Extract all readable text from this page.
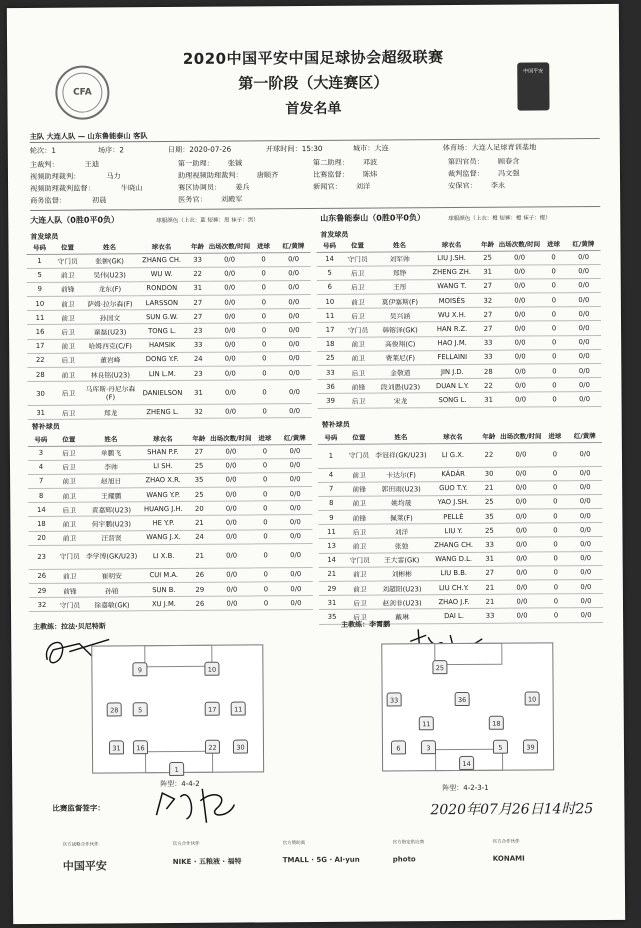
CFA
中国平安
2020中国平安中国足球协会超级联赛
第一阶段（大连赛区）
首发名单
主队 大连人队 — 山东鲁能泰山 客队
轮次：1	场序：2	日期：2020-07-26	开球时间：15:30	城市：大连	体育场：大连人足球青训基地
主裁判：	王迪	第一助理： 张铖	第二助理： 邓波	第四官员： 顾春含
视频助理裁判：	马力	助理视频助理裁判： 唐顺齐	比赛监督： 陈炜	裁判监督： 冯文强
视频助理裁判监督：	牛晓山	赛区协调员： 姜兵	新闻官： 刘洋	安保官： 李永
商务监督：	初晨	医务官： 刘殿军
大连人队（0胜0平0负）	球服颜色（上衣：蓝 短裤：黑 袜子：黑）	山东鲁能泰山（0胜0平0负）	球服颜色（上衣：橙 短裤：橙 袜子：橙）
首发球员	首发球员
号码	位置	姓名	球衣名	年龄	出场次数/时间	进球	红/黄牌
1	守门员	张翀(GK)	ZHANG CH.	33	0/0	0	0/0
5	前卫	吴伟(U23)	WU W.	22	0/0	0	0/0
9	前锋	龙东(F)	RONDON	31	0/0	0	0/0
10	前卫	萨姆·拉尔森(F)	LARSSON	27	0/0	0	0/0
11	前卫	孙国文	SUN G.W.	27	0/0	0	0/0
16	后卫	童磊(U23)	TONG L.	23	0/0	0	0/0
17	前卫	哈姆西克(C/F)	HAMSIK	33	0/0	0	0/0
22	后卫	董岩峰	DONG Y.F.	24	0/0	0	0/0
28	前卫	林良铭(U23)	LIN L.M.	23	0/0	0	0/0
30	后卫	马库斯·丹尼尔森(F)	DANIELSON	31	0/0	0	0/0
31	后卫	郑龙	ZHENG L.	32	0/0	0	0/0
号码	位置	姓名	球衣名	年龄	出场次数/时间	进球	红/黄牌
14	守门员	刘军帅	LIU J.SH.	25	0/0	0	0/0
5	后卫	郑铮	ZHENG ZH.	31	0/0	0	0/0
6	后卫	王彤	WANG T.	27	0/0	0	0/0
10	前卫	莫伊塞斯(F)	MOISÉS	32	0/0	0	0/0
11	后卫	吴兴涵	WU X.H.	27	0/0	0	0/0
17	守门员	韩镕泽(GK)	HAN R.Z.	27	0/0	0	0/0
18	前卫	高俊翔(C)	HAO J.M.	33	0/0	0	0/0
25	前卫	费莱尼(F)	FELLAINI	33	0/0	0	0/0
33	后卫	金敬道	JIN J.D.	28	0/0	0	0/0
36	前锋	段刘愚(U23)	DUAN L.Y.	22	0/0	0	0/0
39	后卫	宋龙	SONG L.	31	0/0	0	0/0
替补球员	替补球员
号码	位置	姓名	球衣名	年龄	出场次数/时间	进球	红/黄牌
3	后卫	单鹏飞	SHAN P.F.	27	0/0	0	0/0
4	后卫	李帅	LI SH.	25	0/0	0	0/0
7	前卫	赵旭日	ZHAO X.R.	35	0/0	0	0/0
8	前卫	王耀鹏	WANG Y.P.	25	0/0	0	0/0
14	后卫	黄嘉辉(U23)	HUANG J.H.	20	0/0	0	0/0
18	前卫	何宇鹏(U23)	HE Y.P.	21	0/0	0	0/0
20	前卫	汪晋贤	WANG J.X.	24	0/0	0	0/0
23	守门员	李学博(GK/U23)	LI X.B.	21	0/0	0	0/0
26	前卫	崔明安	CUI M.A.	26	0/0	0	0/0
29	前锋	孙铂	SUN B.	29	0/0	0	0/0
32	守门员	徐嘉敏(GK)	XU J.M.	26	0/0	0	0/0
号码	位置	姓名	球衣名	年龄	出场次数/时间	进球	红/黄牌
1	守门员	李冠祥(GK/U23)	LI G.X.	22	0/0	0	0/0
4	前卫	卡达尔(F)	KÁDÁR	30	0/0	0	0/0
7	前锋	郭田雨(U23)	GUO T.Y.	21	0/0	0	0/0
8	前卫	姚均晟	YAO J.SH.	25	0/0	0	0/0
9	前锋	佩莱(F)	PELLÈ	35	0/0	0	0/0
11	后卫	刘洋	LIU Y.	25	0/0	0	0/0
13	前卫	张弛	ZHANG CH.	33	0/0	0	0/0
14	守门员	王大雷(GK)	WANG D.L.	31	0/0	0	0/0
21	前卫	刘彬彬	LIU B.B.	27	0/0	0	0/0
29	前卫	刘超阳(U23)	LIU CH.Y.	21	0/0	0	0/0
31	后卫	赵剑非(U23)	ZHAO J.F.	21	0/0	0	0/0
35	后卫	戴琳	DAI L.	33	0/0	0	0/0
主教练：拉法·贝尼特斯	主教练：李霄鹏
9	10
28	5	17	11
31	16	22	30
1
25
33	36	10
11	18
6	3	5	39
14
阵型：4-4-2
阵型：4-2-3-1
比赛监督签字：	2020年07月26日14时25
官方战略合作伙伴
中国平安
官方合作伙伴
NIKE · 五粮液 · 福特
官方赞助商
TMALL · 5G · AI·yun
官方指定供应商
photo
官方合作伙伴
KONAMI
